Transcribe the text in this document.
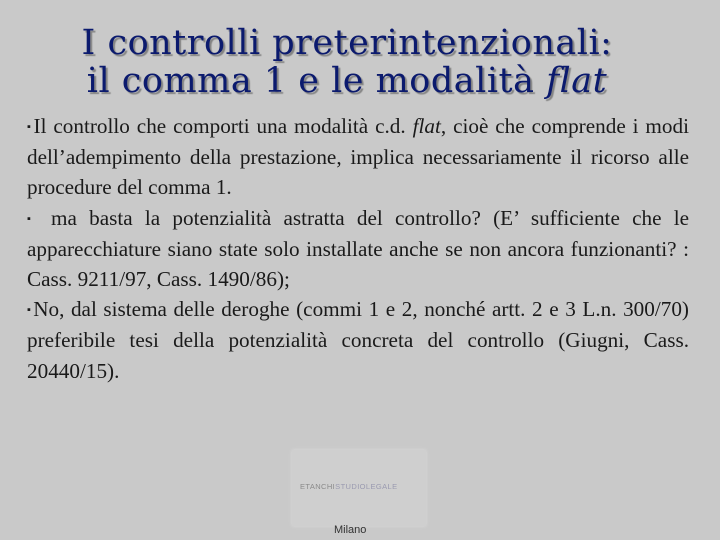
I controlli preterintenzionali:
il comma 1 e le modalità flat

▪Il controllo che comporti una modalità c.d. flat, cioè che comprende i modi dell’adempimento della prestazione, implica necessariamente il ricorso alle procedure del comma 1.

▪ ma basta la potenzialità astratta del controllo? (E’ sufficiente che le apparecchiature siano state solo installate anche se non ancora funzionanti? : Cass. 9211/97, Cass. 1490/86);

▪No, dal sistema delle deroghe (commi 1 e 2, nonché artt. 2 e 3 L.n. 300/70) preferibile tesi della potenzialità concreta del controllo (Giugni, Cass. 20440/15).

ETANCHISTUDIOLEGALE
Milano
